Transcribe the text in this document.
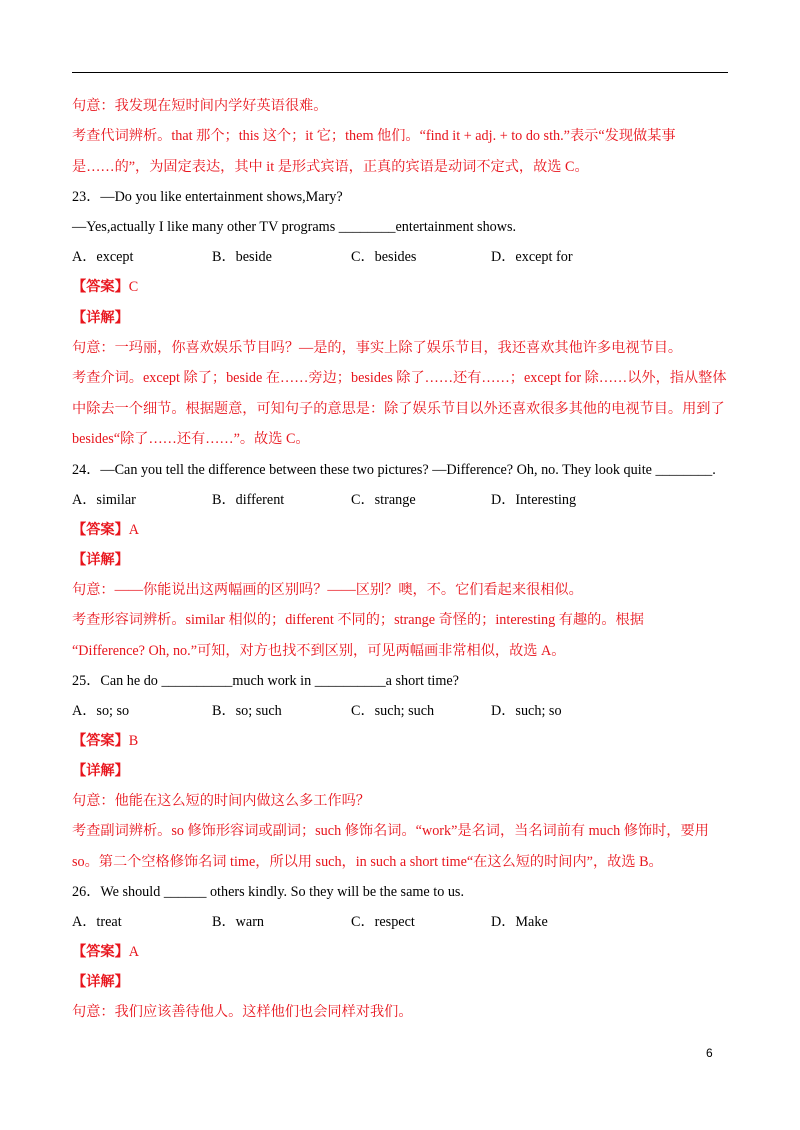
句意：我发现在短时间内学好英语很难。
考查代词辨析。that 那个；this 这个；it 它；them 他们。“find it + adj. + to do sth.”表示“发现做某事
是……的”，为固定表达，其中 it 是形式宾语，正真的宾语是动词不定式，故选 C。
23．—Do you like entertainment shows,Mary?
—Yes,actually I like many other TV programs ________entertainment shows.
A．except	B．beside	C．besides	D．except for
【答案】C
【详解】
句意：一玛丽，你喜欢娱乐节目吗？—是的，事实上除了娱乐节目，我还喜欢其他许多电视节目。
考查介词。except 除了；beside 在……旁边；besides 除了……还有……；except for 除……以外，指从整体
中除去一个细节。根据题意，可知句子的意思是：除了娱乐节目以外还喜欢很多其他的电视节目。用到了
besides“除了……还有……”。故选 C。
24．—Can you tell the difference between these two pictures? —Difference? Oh, no. They look quite ________.
A．similar	B．different	C．strange	D．Interesting
【答案】A
【详解】
句意：——你能说出这两幅画的区别吗？——区别？噢，不。它们看起来很相似。
考查形容词辨析。similar 相似的；different 不同的；strange 奇怪的；interesting 有趣的。根据
“Difference? Oh, no.”可知，对方也找不到区别，可见两幅画非常相似，故选 A。
25．Can he do __________much work in __________a short time?
A．so; so	B．so; such	C．such; such	D．such; so
【答案】B
【详解】
句意：他能在这么短的时间内做这么多工作吗？
考查副词辨析。so 修饰形容词或副词；such 修饰名词。“work”是名词，当名词前有 much 修饰时，要用
so。第二个空格修饰名词 time，所以用 such，in such a short time“在这么短的时间内”，故选 B。
26．We should ______ others kindly. So they will be the same to us.
A．treat	B．warn	C．respect	D．Make
【答案】A
【详解】
句意：我们应该善待他人。这样他们也会同样对我们。
6
